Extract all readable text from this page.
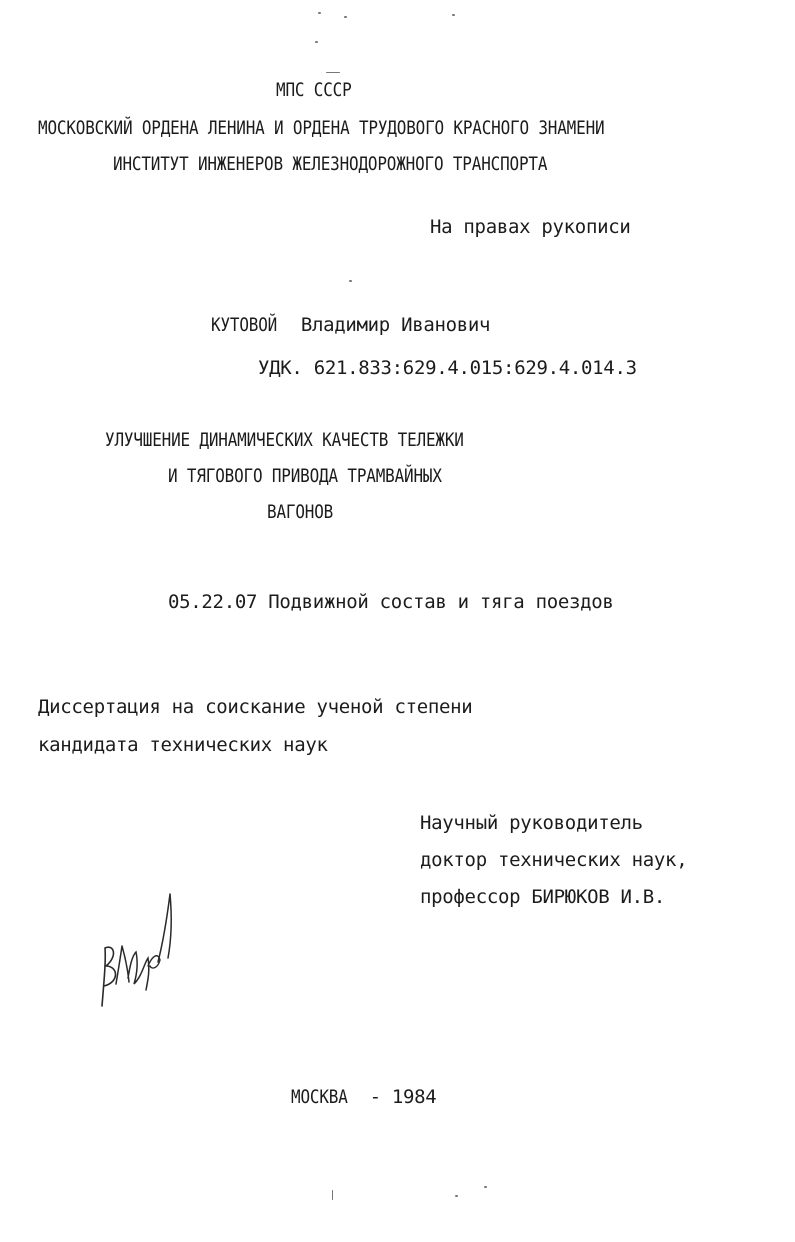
МПС СССР
МОСКОВСКИЙ ОРДЕНА ЛЕНИНА И ОРДЕНА ТРУДОВОГО КРАСНОГО ЗНАМЕНИ
ИНСТИТУТ ИНЖЕНЕРОВ ЖЕЛЕЗНОДОРОЖНОГО ТРАНСПОРТА
На правах рукописи
КУТОВОЙ Владимир Иванович
УДК. 621.833:629.4.015:629.4.014.3
УЛУЧШЕНИЕ ДИНАМИЧЕСКИХ КАЧЕСТВ ТЕЛЕЖКИ
И ТЯГОВОГО ПРИВОДА ТРАМВАЙНЫХ
ВАГОНОВ
05.22.07 Подвижной состав и тяга поездов
Диссертация на соискание ученой степени
кандидата технических наук
Научный руководитель
доктор технических наук,
профессор БИРЮКОВ И.В.
МОСКВА - 1984
